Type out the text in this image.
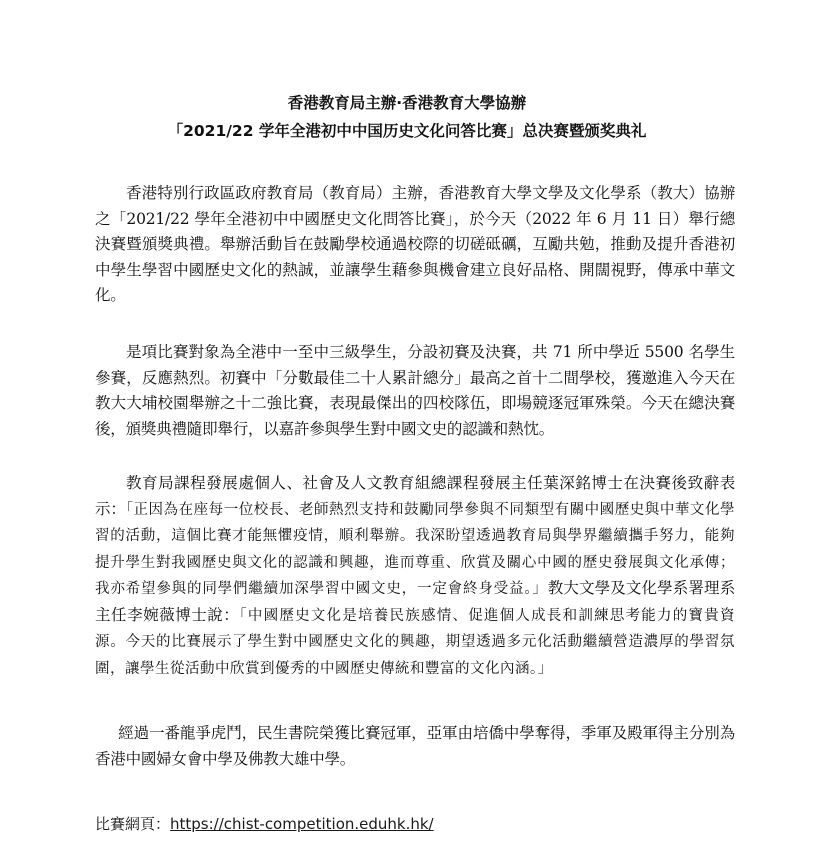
香港教育局主辦·香港教育大學協辦

「2021/22 学年全港初中中国历史文化问答比赛」总决赛暨颁奖典礼

香港特別行政區政府教育局（教育局）主辦，香港教育大學文學及文化學系（教大）協辦之「2021/22 學年全港初中中國歷史文化問答比賽」，於今天（2022 年 6 月 11 日）舉行總決賽暨頒獎典禮。舉辦活動旨在鼓勵學校通過校際的切磋砥礪，互勵共勉，推動及提升香港初中學生學習中國歷史文化的熱誠，並讓學生藉參與機會建立良好品格、開闊視野，傳承中華文化。

是項比賽對象為全港中一至中三級學生，分設初賽及決賽，共 71 所中學近 5500 名學生參賽，反應熱烈。初賽中「分數最佳二十人累計總分」最高之首十二間學校，獲邀進入今天在教大大埔校園舉辦之十二強比賽，表現最傑出的四校隊伍，即場競逐冠軍殊榮。今天在總決賽後，頒獎典禮隨即舉行，以嘉許參與學生對中國文史的認識和熱忱。

教育局課程發展處個人、社會及人文教育組總課程發展主任葉深銘博士在決賽後致辭表示：「正因為在座每一位校長、老師熱烈支持和鼓勵同學參與不同類型有關中國歷史與中華文化學習的活動，這個比賽才能無懼疫情，順利舉辦。我深盼望透過教育局與學界繼續攜手努力，能夠提升學生對我國歷史與文化的認識和興趣，進而尊重、欣賞及關心中國的歷史發展與文化承傳；我亦希望參與的同學們繼續加深學習中國文史，一定會終身受益。」教大文學及文化學系署理系主任李婉薇博士說：「中國歷史文化是培養民族感情、促進個人成長和訓練思考能力的寶貴資源。今天的比賽展示了學生對中國歷史文化的興趣，期望透過多元化活動繼續營造濃厚的學習氛圍，讓學生從活動中欣賞到優秀的中國歷史傳統和豐富的文化內涵。」

經過一番龍爭虎鬥，民生書院榮獲比賽冠軍，亞軍由培僑中學奪得，季軍及殿軍得主分別為香港中國婦女會中學及佛教大雄中學。

比賽網頁：https://chist-competition.eduhk.hk/
